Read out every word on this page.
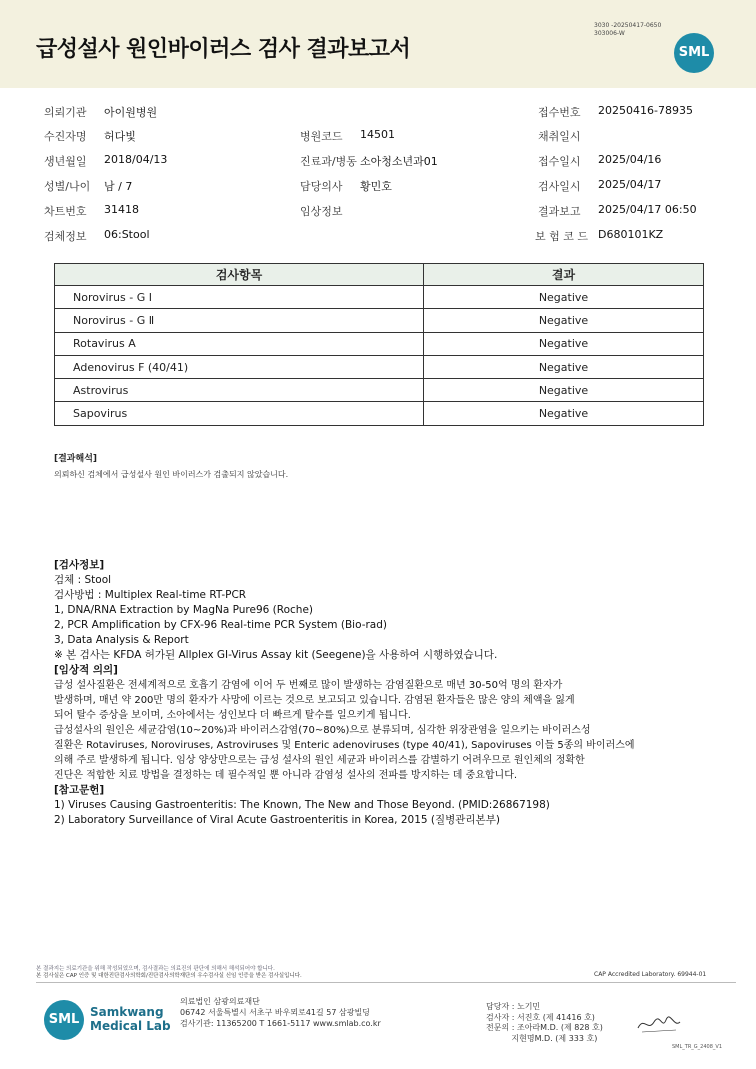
급성설사 원인바이러스 검사 결과보고서
3030 -20250417-0650
303006-W
SML
의뢰기관 아이원병원	접수번호 20250416-78935
수진자명 허다빛	병원코드 14501	채취일시
생년월일 2018/04/13	진료과/병동 소아청소년과01	접수일시 2025/04/16
성별/나이 남 / 7	담당의사 황민호	검사일시 2025/04/17
차트번호 31418	임상정보	결과보고 2025/04/17 06:50
검체정보 06:Stool	보 험 코 드 D680101KZ
검사항목	결과
Norovirus - G Ⅰ	Negative
Norovirus - G Ⅱ	Negative
Rotavirus A	Negative
Adenovirus F (40/41)	Negative
Astrovirus	Negative
Sapovirus	Negative
[결과해석]
의뢰하신 검체에서 급성설사 원인 바이러스가 검출되지 않았습니다.
[검사정보]
검체 : Stool
검사방법 : Multiplex Real-time RT-PCR
1, DNA/RNA Extraction by MagNa Pure96 (Roche)
2, PCR Amplification by CFX-96 Real-time PCR System (Bio-rad)
3, Data Analysis & Report
※ 본 검사는 KFDA 허가된 Allplex GI-Virus Assay kit (Seegene)을 사용하여 시행하였습니다.
[임상적 의의]
급성 설사질환은 전세계적으로 호흡기 감염에 이어 두 번째로 많이 발생하는 감염질환으로 매년 30-50억 명의 환자가
발생하며, 매년 약 200만 명의 환자가 사망에 이르는 것으로 보고되고 있습니다. 감염된 환자들은 많은 양의 체액을 잃게
되어 탈수 증상을 보이며, 소아에서는 성인보다 더 빠르게 탈수를 일으키게 됩니다.
급성설사의 원인은 세균감염(10~20%)과 바이러스감염(70~80%)으로 분류되며, 심각한 위장관염을 일으키는 바이러스성
질환은 Rotaviruses, Noroviruses, Astroviruses 및 Enteric adenoviruses (type 40/41), Sapoviruses 이들 5종의 바이러스에
의해 주로 발생하게 됩니다. 임상 양상만으로는 급성 설사의 원인 세균과 바이러스를 감별하기 어려우므로 원인체의 정확한
진단은 적합한 치료 방법을 결정하는 데 필수적일 뿐 아니라 감염성 설사의 전파를 방지하는 데 중요합니다.
[참고문헌]
1) Viruses Causing Gastroenteritis: The Known, The New and Those Beyond. (PMID:26867198)
2) Laboratory Surveillance of Viral Acute Gastroenteritis in Korea, 2015 (질병관리본부)
본 결과지는 의료기관을 위해 작성되었으며, 검사결과는 의료진의 판단에 의해서 해석되어야 합니다.
본 검사실은 CAP 인증 및 대한진단검사의학회/진단검사의학재단의 우수검사실 신임 인증을 받은 검사실입니다.	CAP Accredited Laboratory. 69944-01
SML Samkwang
Medical Lab
의료법인 삼광의료재단
06742 서울특별시 서초구 바우뫼로41길 57 삼광빌딩
검사기관: 11365200 T 1661-5117 www.smlab.co.kr
담당자 : 노기민
검사자 : 서진호 (제 41416 호)
전문의 : 조아라M.D. (제 828 호)
지현명M.D. (제 333 호)
SML_TR_G_2408_V1
